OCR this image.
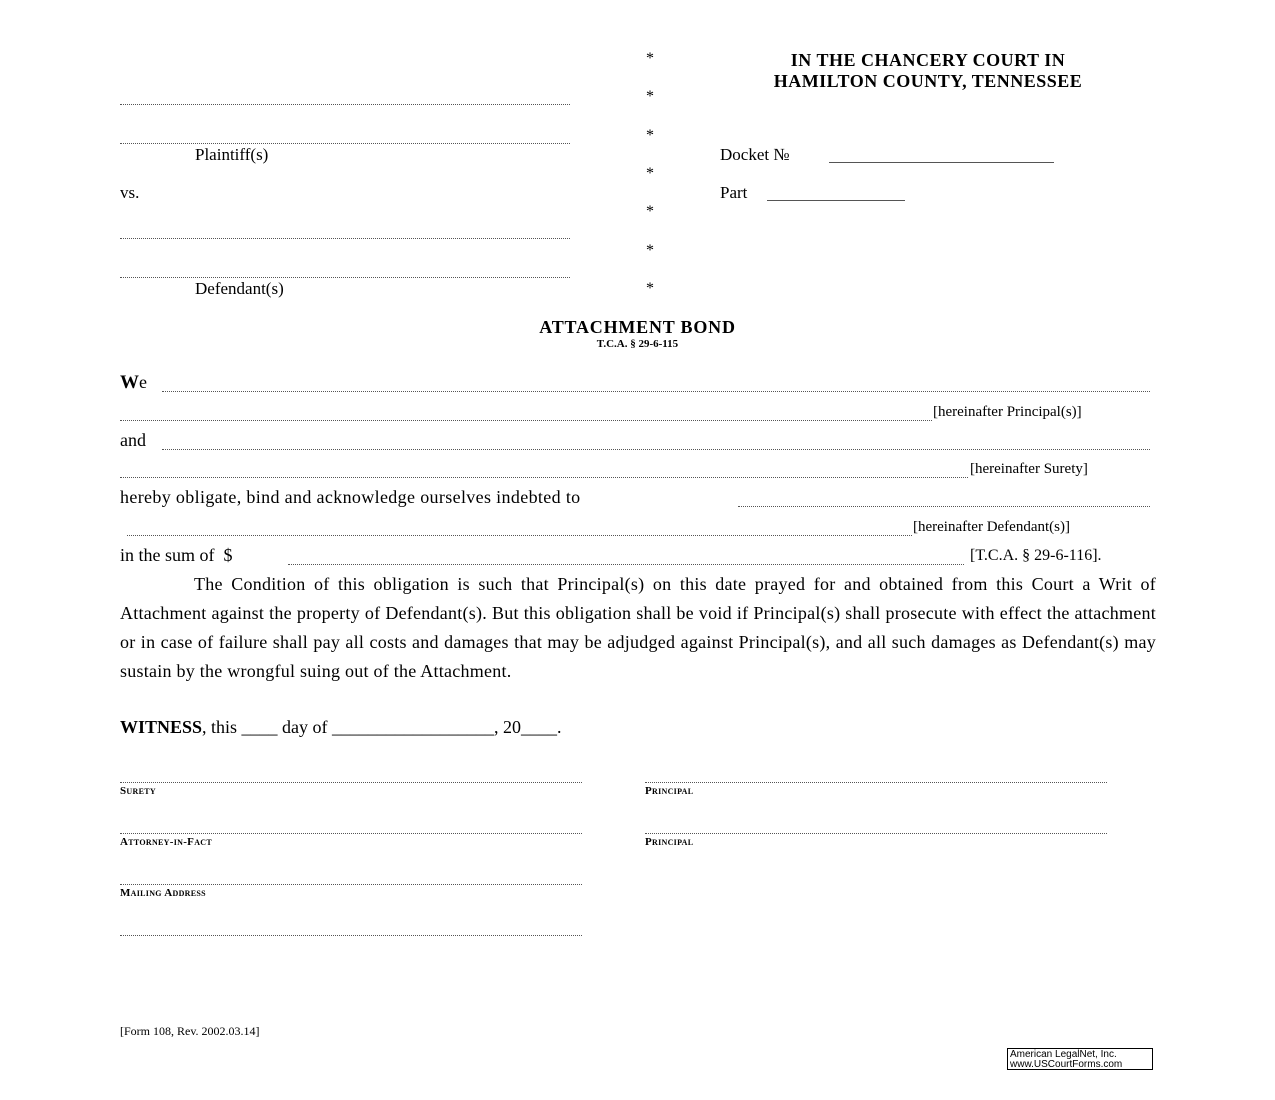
Plaintiff(s)
vs.
Defendant(s)
*
*
*
*
*
*
*
IN THE CHANCERY COURT IN
HAMILTON COUNTY, TENNESSEE
Docket №
Part
ATTACHMENT BOND
T.C.A. § 29-6-115
We
[hereinafter Principal(s)]
and
[hereinafter Surety]
hereby obligate, bind and acknowledge ourselves indebted to
[hereinafter Defendant(s)]
in the sum of  $	[T.C.A. § 29-6-116].
The Condition of this obligation is such that Principal(s) on this date prayed for and obtained from this Court a Writ of Attachment against the property of Defendant(s). But this obligation shall be void if Principal(s) shall prosecute with effect the attachment or in case of failure shall pay all costs and damages that may be adjudged against Principal(s), and all such damages as Defendant(s) may sustain by the wrongful suing out of the Attachment.
WITNESS, this ____ day of __________________, 20____.
Surety	Principal
Attorney-in-Fact	Principal
Mailing Address
[Form 108, Rev. 2002.03.14]
American LegalNet, Inc.
www.USCourtForms.com
